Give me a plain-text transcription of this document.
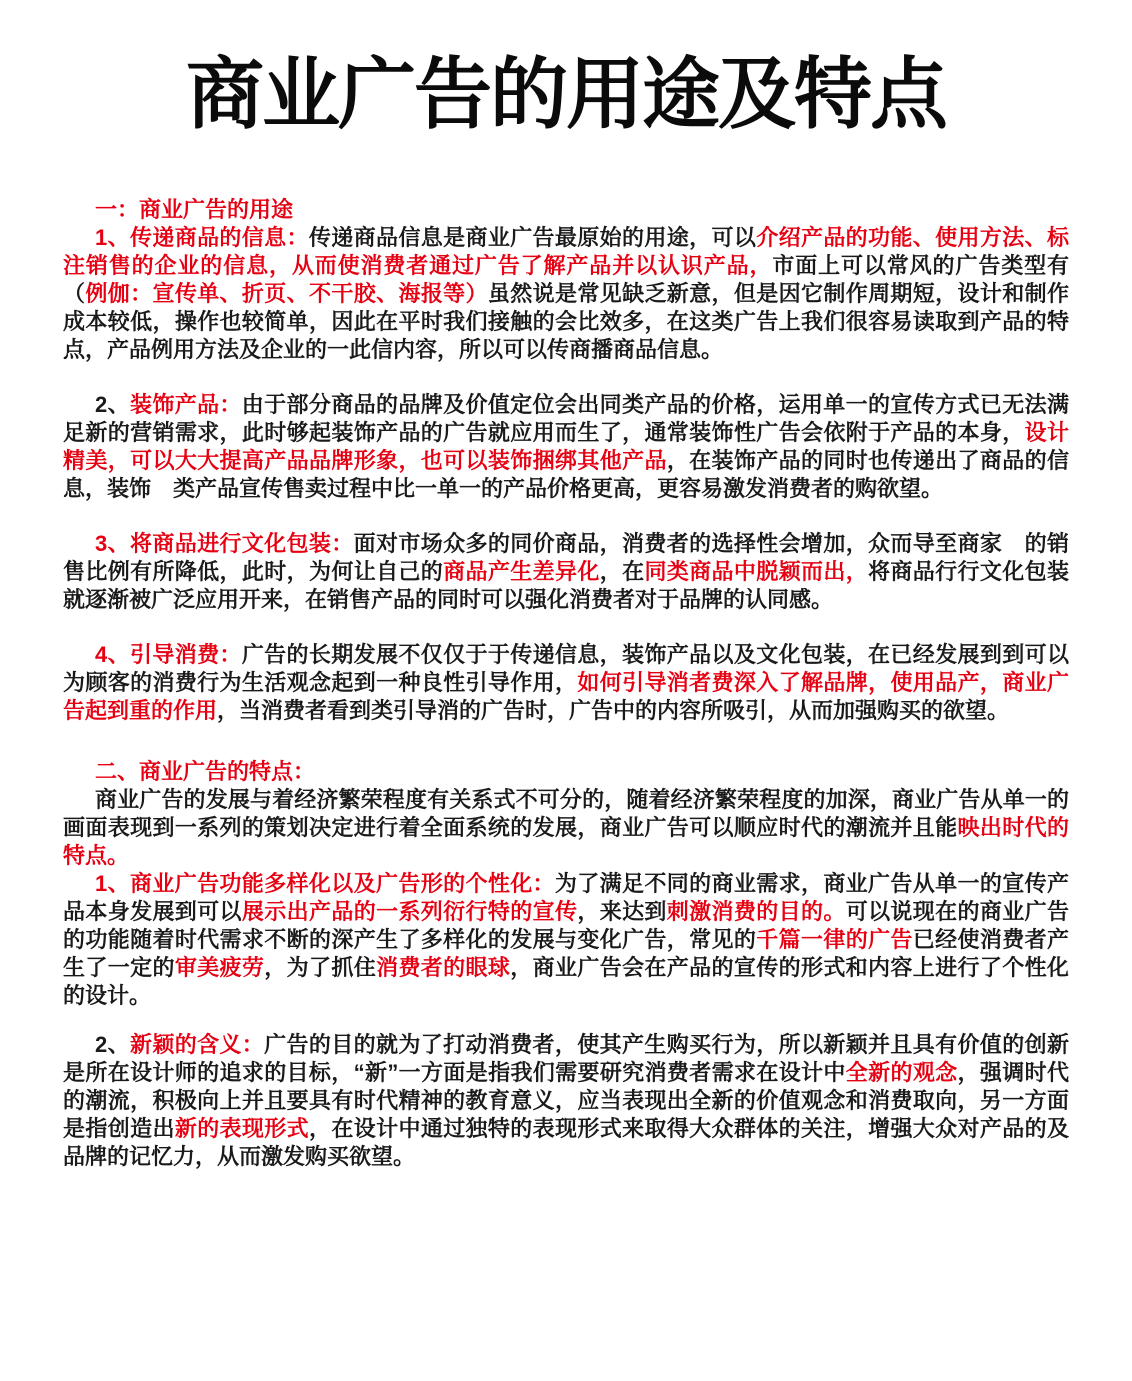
商业广告的用途及特点

一：商业广告的用途

1、传递商品的信息：传递商品信息是商业广告最原始的用途，可以介绍产品的功能、使用方法、标注销售的企业的信息，从而使消费者通过广告了解产品并以认识产品，市面上可以常风的广告类型有（例伽：宣传单、折页、不干胶、海报等）虽然说是常见缺乏新意，但是因它制作周期短，设计和制作成本较低，操作也较简单，因此在平时我们接触的会比效多，在这类广告上我们很容易读取到产品的特点，产品例用方法及企业的一此信内容，所以可以传商播商品信息。

2、装饰产品：由于部分商品的品牌及价值定位会出同类产品的价格，运用单一的宣传方式已无法满足新的营销需求，此时够起装饰产品的广告就应用而生了，通常装饰性广告会依附于产品的本身，设计精美，可以大大提高产品品牌形象，也可以装饰捆绑其他产品，在装饰产品的同时也传递出了商品的信息，装饰　类产品宣传售卖过程中比一单一的产品价格更高，更容易激发消费者的购欲望。

3、将商品进行文化包装：面对市场众多的同价商品，消费者的选择性会增加，众而导至商家　的销售比例有所降低，此时，为何让自己的商品产生差异化，在同类商品中脱颖而出，将商品行行文化包装就逐渐被广泛应用开来，在销售产品的同时可以强化消费者对于品牌的认同感。

4、引导消费：广告的长期发展不仅仅于于传递信息，装饰产品以及文化包装，在已经发展到到可以为顾客的消费行为生活观念起到一种良性引导作用，如何引导消者费深入了解品牌，使用品产，商业广告起到重的作用，当消费者看到类引导消的广告时，广告中的内容所吸引，从而加强购买的欲望。

二、商业广告的特点：

商业广告的发展与着经济繁荣程度有关系式不可分的，随着经济繁荣程度的加深，商业广告从单一的画面表现到一系列的策划决定进行着全面系统的发展，商业广告可以顺应时代的潮流并且能映出时代的特点。

1、商业广告功能多样化以及广告形的个性化：为了满足不同的商业需求，商业广告从单一的宣传产品本身发展到可以展示出产品的一系列衍行特的宣传，来达到刺激消费的目的。可以说现在的商业广告的功能随着时代需求不断的深产生了多样化的发展与变化广告，常见的千篇一律的广告已经使消费者产生了一定的审美疲劳，为了抓住消费者的眼球，商业广告会在产品的宣传的形式和内容上进行了个性化的设计。

2、新颖的含义：广告的目的就为了打动消费者，使其产生购买行为，所以新颖并且具有价值的创新是所在设计师的追求的目标，“新”一方面是指我们需要研究消费者需求在设计中全新的观念，强调时代的潮流，积极向上并且要具有时代精神的教育意义，应当表现出全新的价值观念和消费取向，另一方面是指创造出新的表现形式，在设计中通过独特的表现形式来取得大众群体的关注，增强大众对产品的及品牌的记忆力，从而激发购买欲望。
